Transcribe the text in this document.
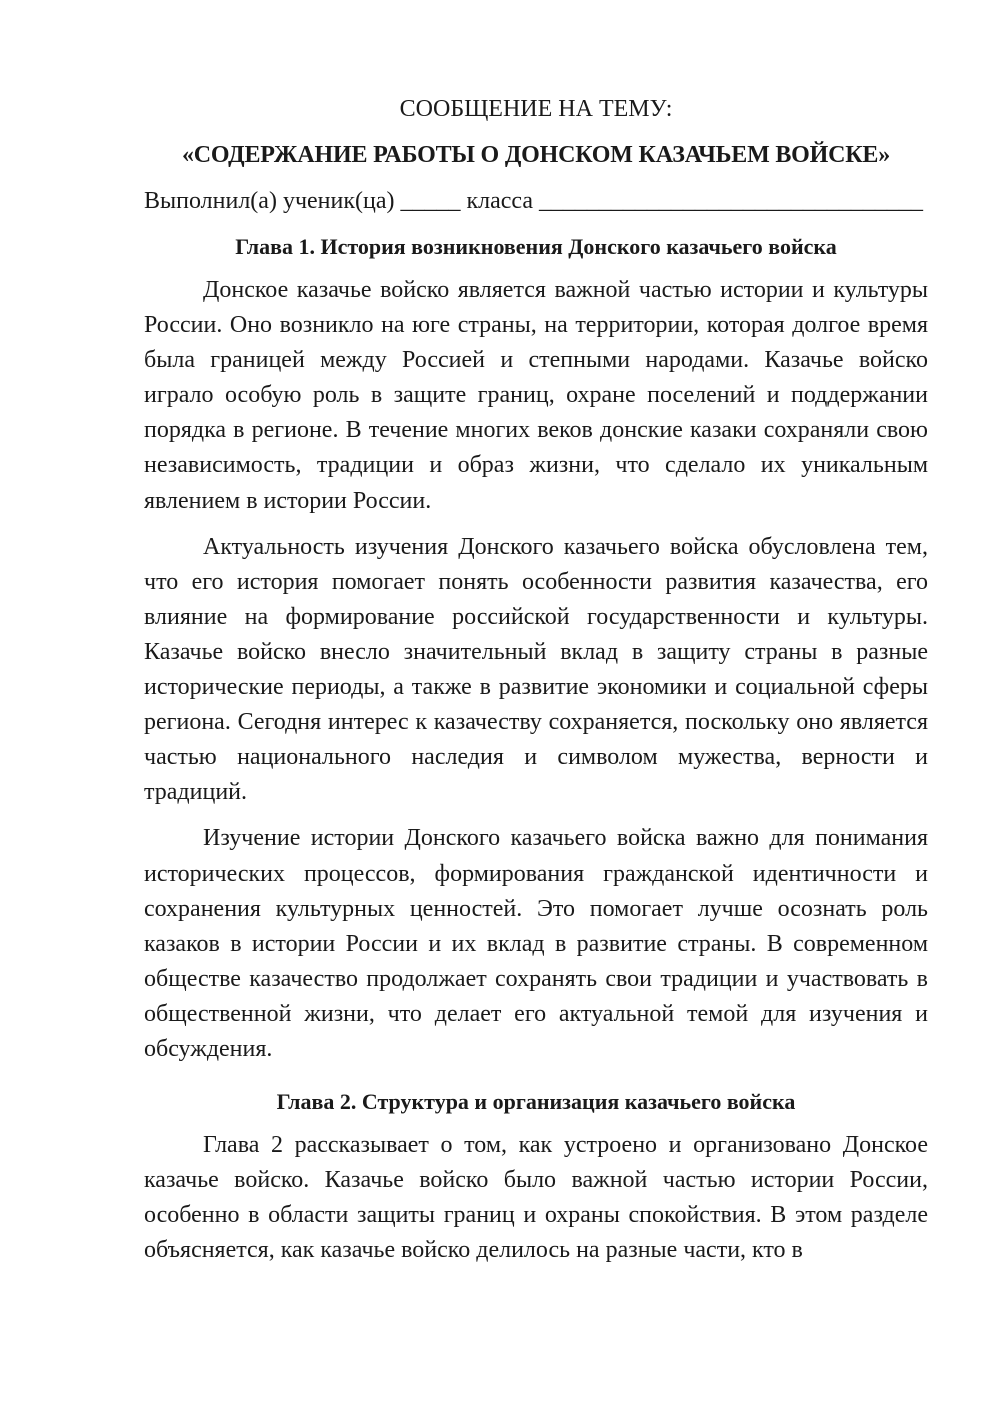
СООБЩЕНИЕ НА ТЕМУ:
«СОДЕРЖАНИЕ РАБОТЫ О ДОНСКОМ КАЗАЧЬЕМ ВОЙСКЕ»
Выполнил(а) ученик(ца) _____ класса ________________________________
Глава 1. История возникновения Донского казачьего войска

Донское казачье войско является важной частью истории и культуры России. Оно возникло на юге страны, на территории, которая долгое время была границей между Россией и степными народами. Казачье войско играло особую роль в защите границ, охране поселений и поддержании порядка в регионе. В течение многих веков донские казаки сохраняли свою независимость, традиции и образ жизни, что сделало их уникальным явлением в истории России.

Актуальность изучения Донского казачьего войска обусловлена тем, что его история помогает понять особенности развития казачества, его влияние на формирование российской государственности и культуры. Казачье войско внесло значительный вклад в защиту страны в разные исторические периоды, а также в развитие экономики и социальной сферы региона. Сегодня интерес к казачеству сохраняется, поскольку оно является частью национального наследия и символом мужества, верности и традиций.

Изучение истории Донского казачьего войска важно для понимания исторических процессов, формирования гражданской идентичности и сохранения культурных ценностей. Это помогает лучше осознать роль казаков в истории России и их вклад в развитие страны. В современном обществе казачество продолжает сохранять свои традиции и участвовать в общественной жизни, что делает его актуальной темой для изучения и обсуждения.

Глава 2. Структура и организация казачьего войска

Глава 2 рассказывает о том, как устроено и организовано Донское казачье войско. Казачье войско было важной частью истории России, особенно в области защиты границ и охраны спокойствия. В этом разделе объясняется, как казачье войско делилось на разные части, кто в
